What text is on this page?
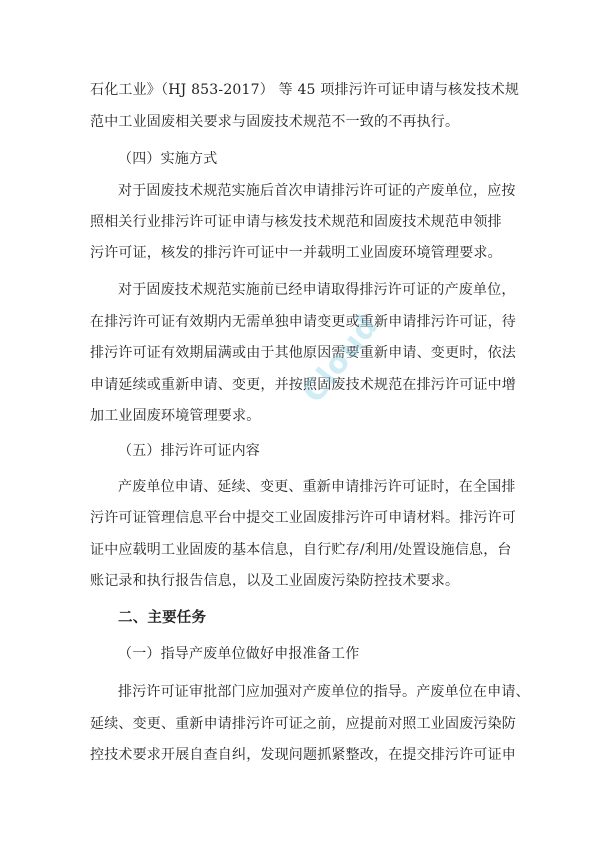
石化工业》（HJ 853-2017） 等 45 项排污许可证申请与核发技术规
范中工业固废相关要求与固废技术规范不一致的不再执行。
（四）实施方式
对于固废技术规范实施后首次申请排污许可证的产废单位，应按
照相关行业排污许可证申请与核发技术规范和固废技术规范申领排
污许可证，核发的排污许可证中一并载明工业固废环境管理要求。
对于固废技术规范实施前已经申请取得排污许可证的产废单位，
在排污许可证有效期内无需单独申请变更或重新申请排污许可证，待
排污许可证有效期届满或由于其他原因需要重新申请、变更时，依法
申请延续或重新申请、变更，并按照固废技术规范在排污许可证中增
加工业固废环境管理要求。
（五）排污许可证内容
产废单位申请、延续、变更、重新申请排污许可证时，在全国排
污许可证管理信息平台中提交工业固废排污许可申请材料。排污许可
证中应载明工业固废的基本信息，自行贮存/利用/处置设施信息，台
账记录和执行报告信息，以及工业固废污染防控技术要求。
二、主要任务
（一）指导产废单位做好申报准备工作
排污许可证审批部门应加强对产废单位的指导。产废单位在申请、
延续、变更、重新申请排污许可证之前，应提前对照工业固废污染防
控技术要求开展自查自纠，发现问题抓紧整改，在提交排污许可证申
Cloud
